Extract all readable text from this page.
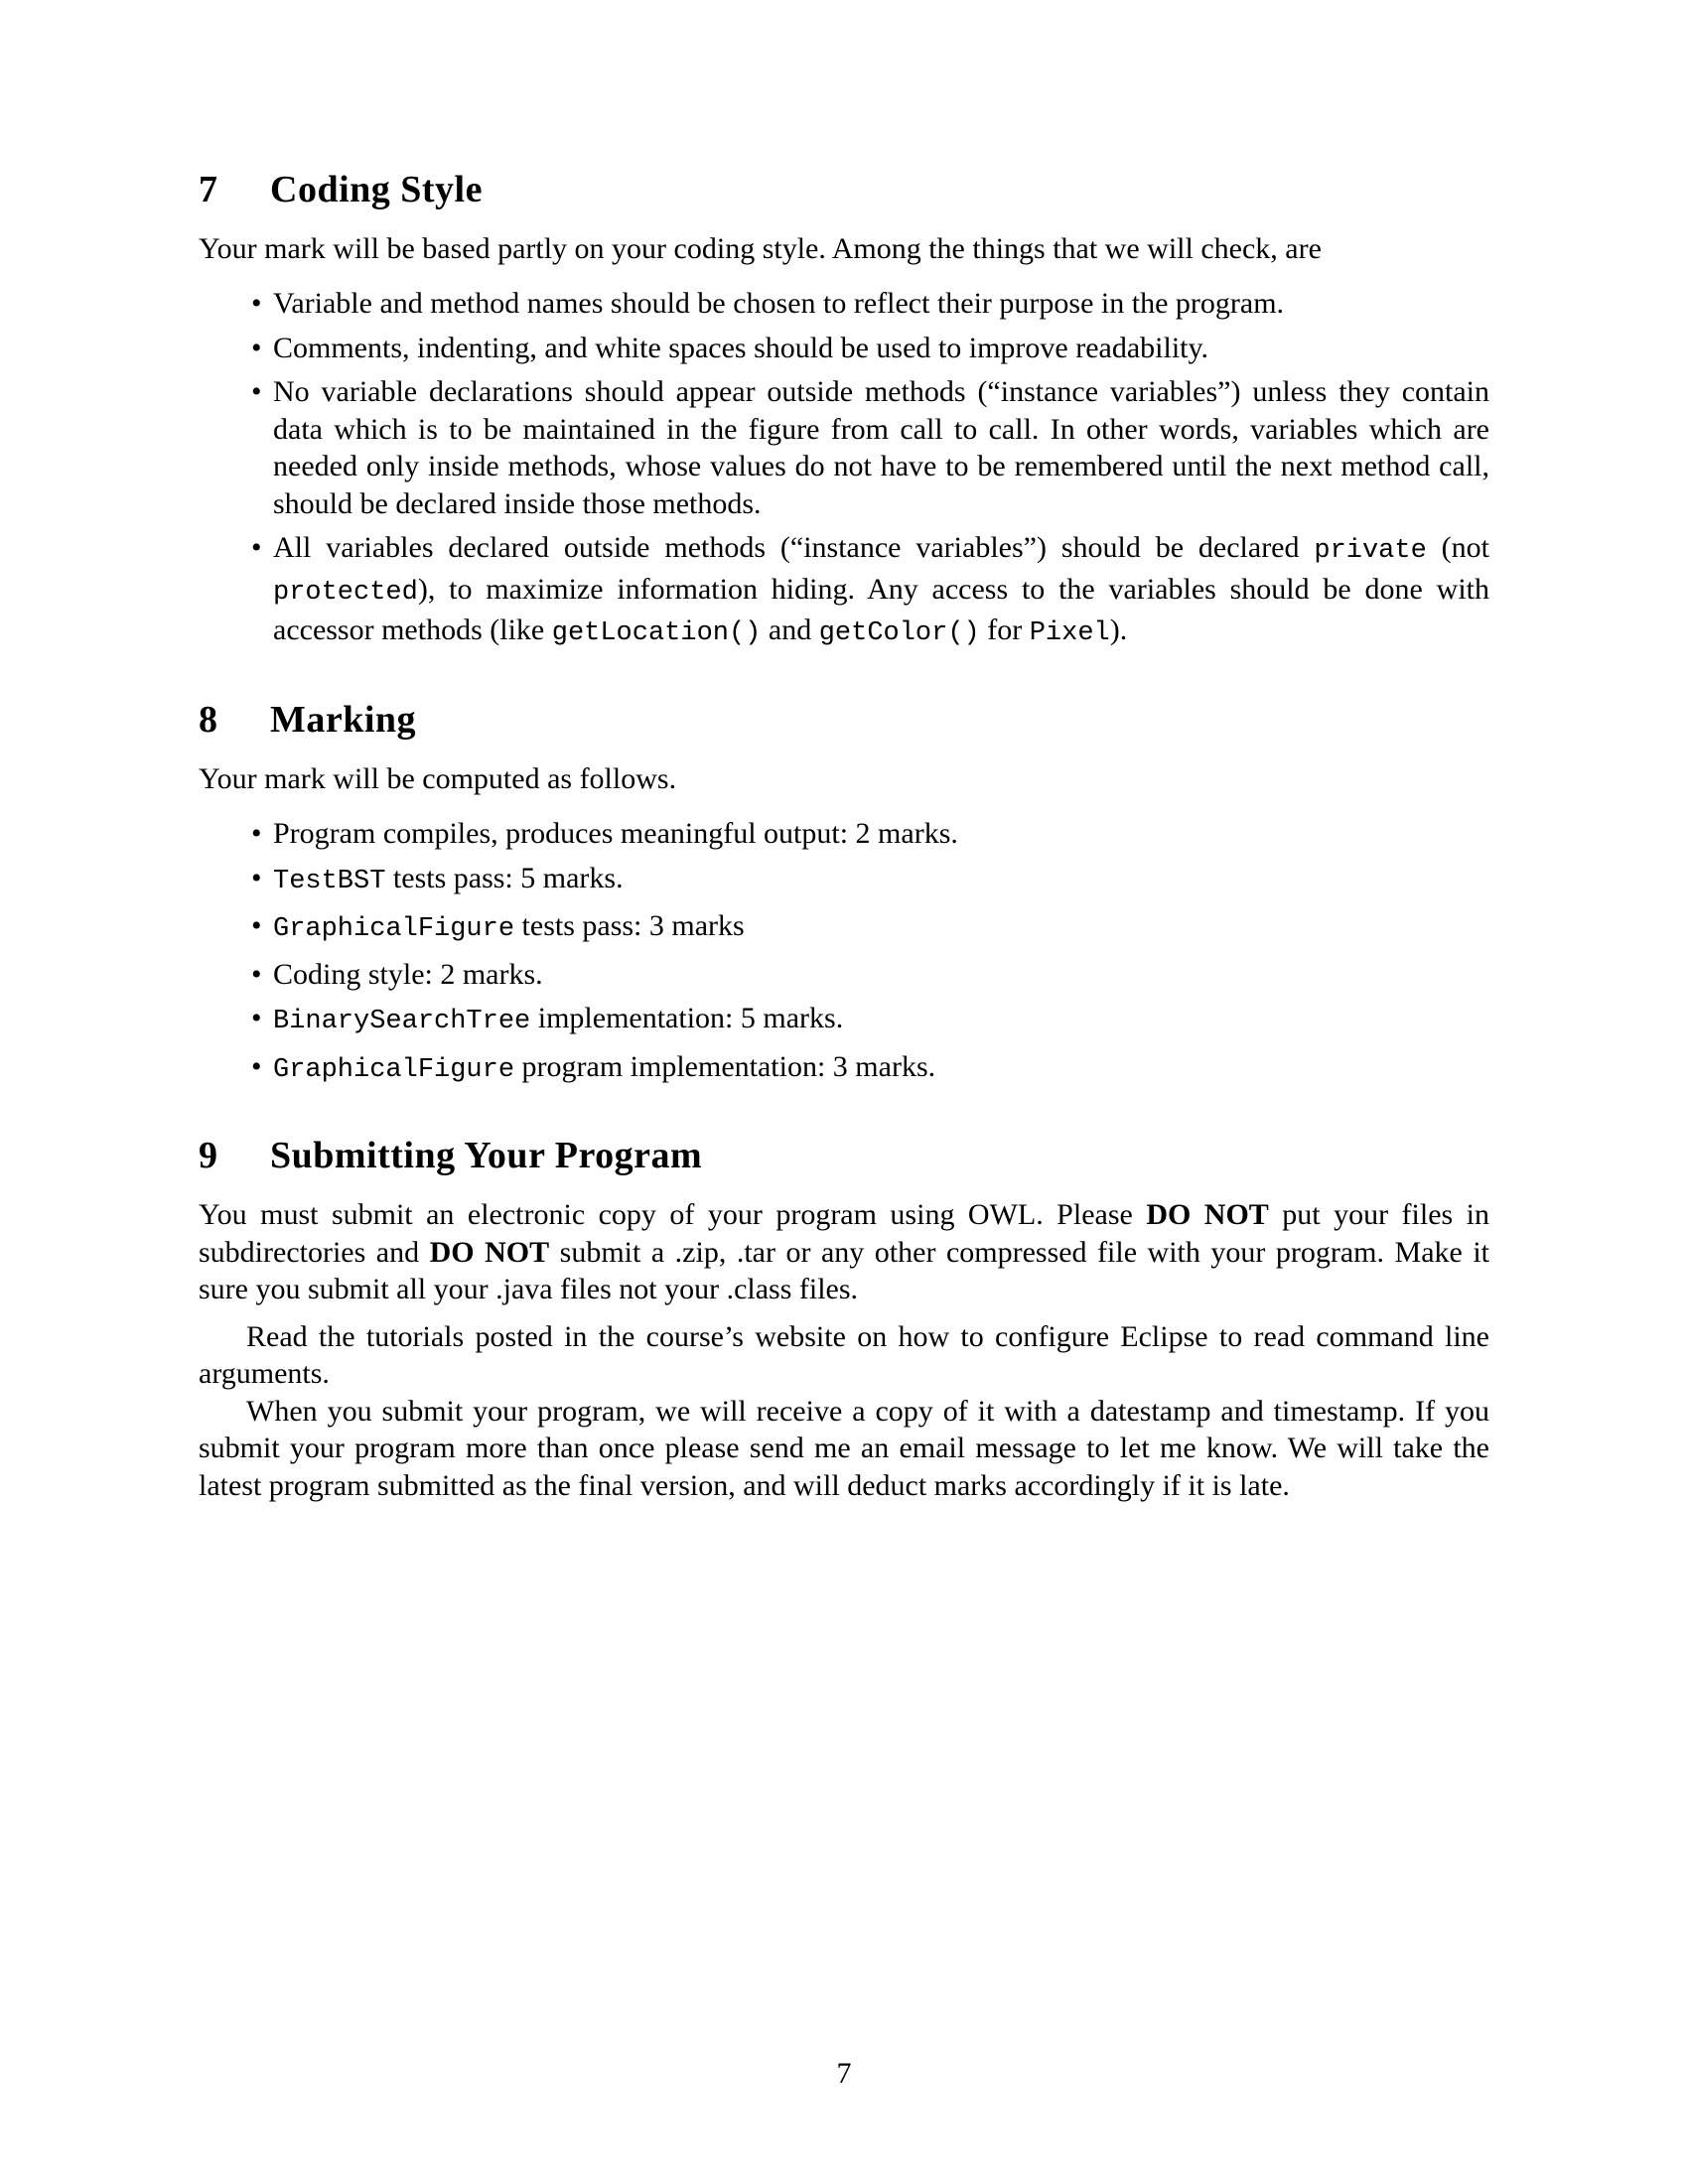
7	Coding Style

Your mark will be based partly on your coding style. Among the things that we will check, are

• Variable and method names should be chosen to reflect their purpose in the program.
• Comments, indenting, and white spaces should be used to improve readability.
• No variable declarations should appear outside methods (“instance variables”) unless they contain data which is to be maintained in the figure from call to call. In other words, variables which are needed only inside methods, whose values do not have to be remembered until the next method call, should be declared inside those methods.
• All variables declared outside methods (“instance variables”) should be declared private (not protected), to maximize information hiding. Any access to the variables should be done with accessor methods (like getLocation() and getColor() for Pixel).
8	Marking

Your mark will be computed as follows.

• Program compiles, produces meaningful output: 2 marks.
• TestBST tests pass: 5 marks.
• GraphicalFigure tests pass: 3 marks
• Coding style: 2 marks.
• BinarySearchTree implementation: 5 marks.
• GraphicalFigure program implementation: 3 marks.
9	Submitting Your Program

You must submit an electronic copy of your program using OWL. Please DO NOT put your files in subdirectories and DO NOT submit a .zip, .tar or any other compressed file with your program. Make it sure you submit all your .java files not your .class files.

Read the tutorials posted in the course’s website on how to configure Eclipse to read command line arguments.

When you submit your program, we will receive a copy of it with a datestamp and timestamp. If you submit your program more than once please send me an email message to let me know. We will take the latest program submitted as the final version, and will deduct marks accordingly if it is late.

7
